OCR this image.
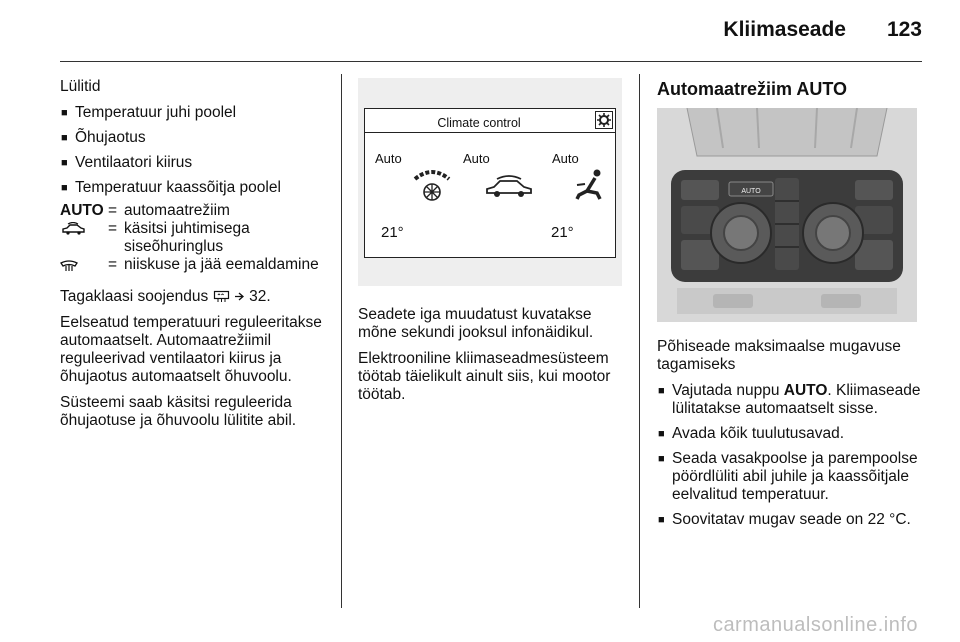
Kliimaseade 123

Lülitid

■ Temperatuur juhi poolel
■ Õhujaotus
■ Ventilaatori kiirus
■ Temperatuur kaassõitja poolel
AUTO = automaatrežiim
= käsitsi juhtimisega siseõhuringlus
= niiskuse ja jää eemaldamine

Tagaklaasi soojendus	32.

Eelseatud temperatuuri reguleeritakse automaatselt. Automaatrežiimil reguleerivad ventilaatori kiirus ja õhujaotus automaatselt õhuvoolu.

Süsteemi saab käsitsi reguleerida õhujaotuse ja õhuvoolu lülitite abil.

Climate control
Auto	Auto	Auto
21°	21°

Seadete iga muudatust kuvatakse mõne sekundi jooksul infonäidikul.

Elektrooniline kliimaseadmesüsteem töötab täielikult ainult siis, kui mootor töötab.

Automaatrežiim AUTO
AUTO

Põhiseade maksimaalse mugavuse tagamiseks

■ Vajutada nuppu AUTO. Kliimaseade lülitatakse automaatselt sisse.
■ Avada kõik tuulutusavad.
■ Seada vasakpoolse ja parempoolse pöördlüliti abil juhile ja kaassõitjale eelvalitud temperatuur.
■ Soovitatav mugav seade on 22 °C.
carmanualsonline.info
